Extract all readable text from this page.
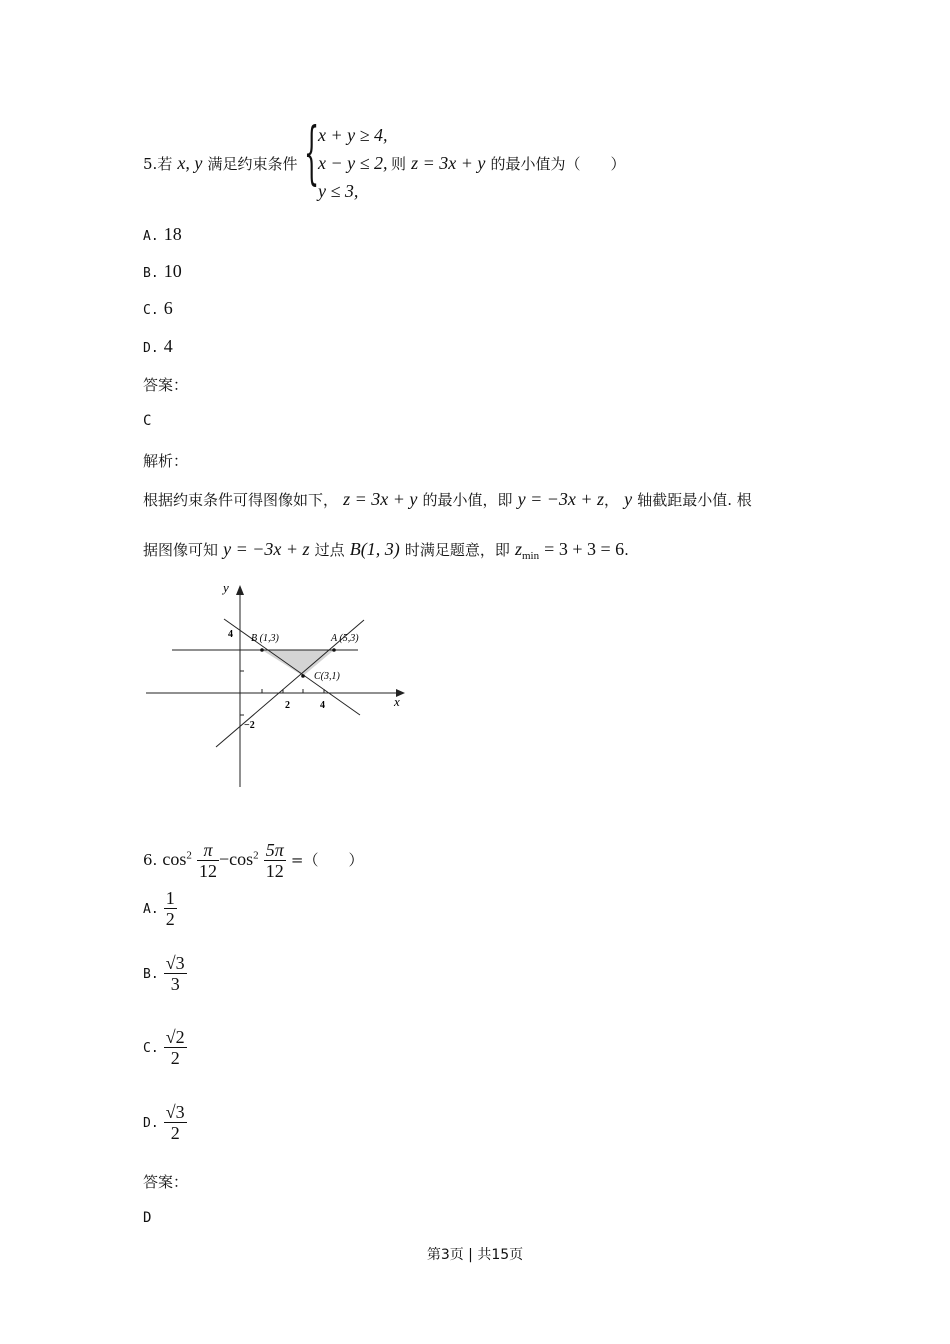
5.若 x, y 满足约束条件 {
x + y ≥ 4,
x − y ≤ 2,
y ≤ 3,
则 z = 3x + y 的最小值为（　　）
A. 18
B. 10
C. 6
D. 4
答案：
C
解析：
根据约束条件可得图像如下， z = 3x + y 的最小值，即 y = −3x + z， y 轴截距最小值. 根
据图像可知 y = −3x + z 过点 B(1, 3) 时满足题意，即 $z_{min} = 3 + 3 = 6$.
y
x
2	4
4
−2
B (1,3)	A (5,3)
C(3,1)
6. $\cos^2 \frac{\pi}{12} -\cos^2 \frac{5\pi}{12}$ =（　　）
A. $\frac{1}{2}$
B. $\frac{√3}{3}$
C. $\frac{√2}{2}$
D. $\frac{√3}{2}$
答案：
D
第3页 | 共15页
